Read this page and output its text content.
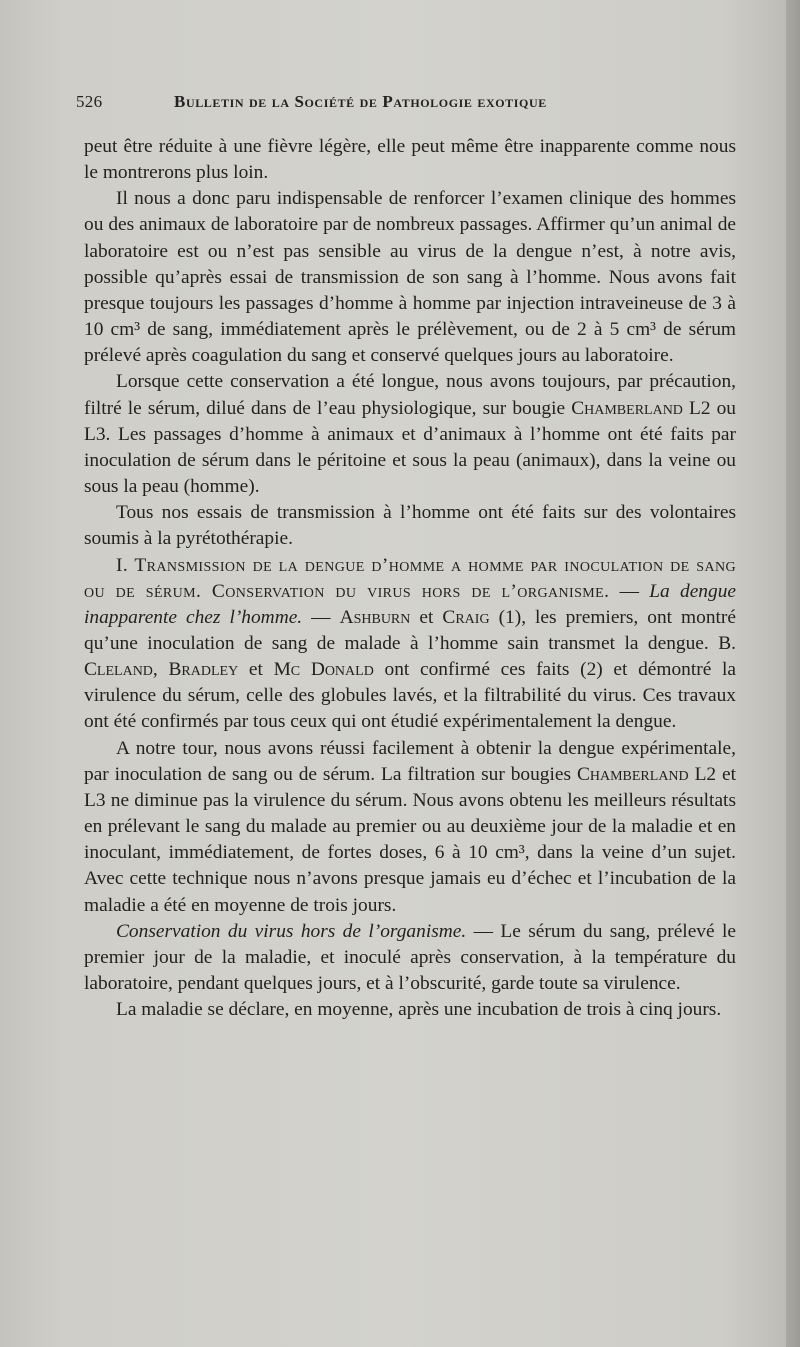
526	Bulletin de la Société de Pathologie exotique

peut être réduite à une fièvre légère, elle peut même être inapparente comme nous le montrerons plus loin.

Il nous a donc paru indispensable de renforcer l’examen clinique des hommes ou des animaux de laboratoire par de nombreux passages. Affirmer qu’un animal de laboratoire est ou n’est pas sensible au virus de la dengue n’est, à notre avis, possible qu’après essai de transmission de son sang à l’homme. Nous avons fait presque toujours les passages d’homme à homme par injection intraveineuse de 3 à 10 cm³ de sang, immédiatement après le prélèvement, ou de 2 à 5 cm³ de sérum prélevé après coagulation du sang et conservé quelques jours au laboratoire.

Lorsque cette conservation a été longue, nous avons toujours, par précaution, filtré le sérum, dilué dans de l’eau physiologique, sur bougie Chamberland L2 ou L3. Les passages d’homme à animaux et d’animaux à l’homme ont été faits par inoculation de sérum dans le péritoine et sous la peau (animaux), dans la veine ou sous la peau (homme).

Tous nos essais de transmission à l’homme ont été faits sur des volontaires soumis à la pyrétothérapie.

I. Transmission de la dengue d’homme a homme par inoculation de sang ou de sérum. Conservation du virus hors de l’organisme. — La dengue inapparente chez l’homme. — Ashburn et Craig (1), les premiers, ont montré qu’une inoculation de sang de malade à l’homme sain transmet la dengue. B. Cleland, Bradley et Mc Donald ont confirmé ces faits (2) et démontré la virulence du sérum, celle des globules lavés, et la filtrabilité du virus. Ces travaux ont été confirmés par tous ceux qui ont étudié expérimentalement la dengue.

A notre tour, nous avons réussi facilement à obtenir la dengue expérimentale, par inoculation de sang ou de sérum. La filtration sur bougies Chamberland L2 et L3 ne diminue pas la virulence du sérum. Nous avons obtenu les meilleurs résultats en prélevant le sang du malade au premier ou au deuxième jour de la maladie et en inoculant, immédiatement, de fortes doses, 6 à 10 cm³, dans la veine d’un sujet. Avec cette technique nous n’avons presque jamais eu d’échec et l’incubation de la maladie a été en moyenne de trois jours.

Conservation du virus hors de l’organisme. — Le sérum du sang, prélevé le premier jour de la maladie, et inoculé après conservation, à la température du laboratoire, pendant quelques jours, et à l’obscurité, garde toute sa virulence.

La maladie se déclare, en moyenne, après une incubation de trois à cinq jours.
